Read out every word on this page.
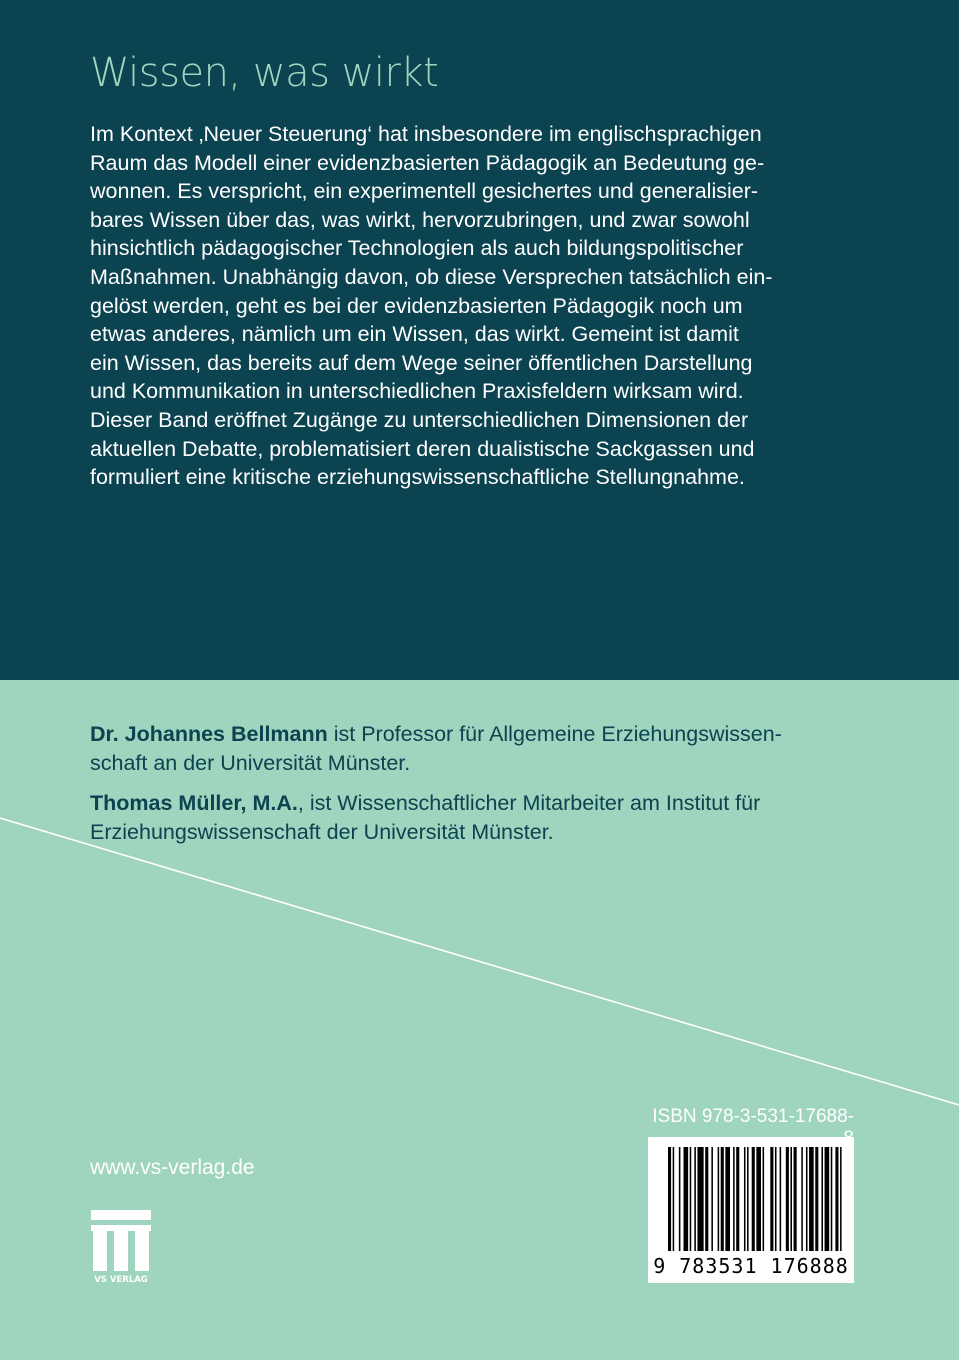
Wissen, was wirkt
Im Kontext ‚Neuer Steuerung‘ hat insbesondere im englischsprachigen
Raum das Modell einer evidenzbasierten Pädagogik an Bedeutung ge-
wonnen. Es verspricht, ein experimentell gesichertes und generalisier-
bares Wissen über das, was wirkt, hervorzubringen, und zwar sowohl
hinsichtlich pädagogischer Technologien als auch bildungspolitischer
Maßnahmen. Unabhängig davon, ob diese Versprechen tatsächlich ein-
gelöst werden, geht es bei der evidenzbasierten Pädagogik noch um
etwas anderes, nämlich um ein Wissen, das wirkt. Gemeint ist damit
ein Wissen, das bereits auf dem Wege seiner öffentlichen Darstellung
und Kommunikation in unterschiedlichen Praxisfeldern wirksam wird.
Dieser Band eröffnet Zugänge zu unterschiedlichen Dimensionen der
aktuellen Debatte, problematisiert deren dualistische Sackgassen und
formuliert eine kritische erziehungswissenschaftliche Stellungnahme.

Dr. Johannes Bellmann ist Professor für Allgemeine Erziehungswissen-
schaft an der Universität Münster.

Thomas Müller, M.A., ist Wissenschaftlicher Mitarbeiter am Institut für
Erziehungswissenschaft der Universität Münster.

www.vs-verlag.de
VS VERLAG
ISBN 978-3-531-17688-
9 783531 176888
